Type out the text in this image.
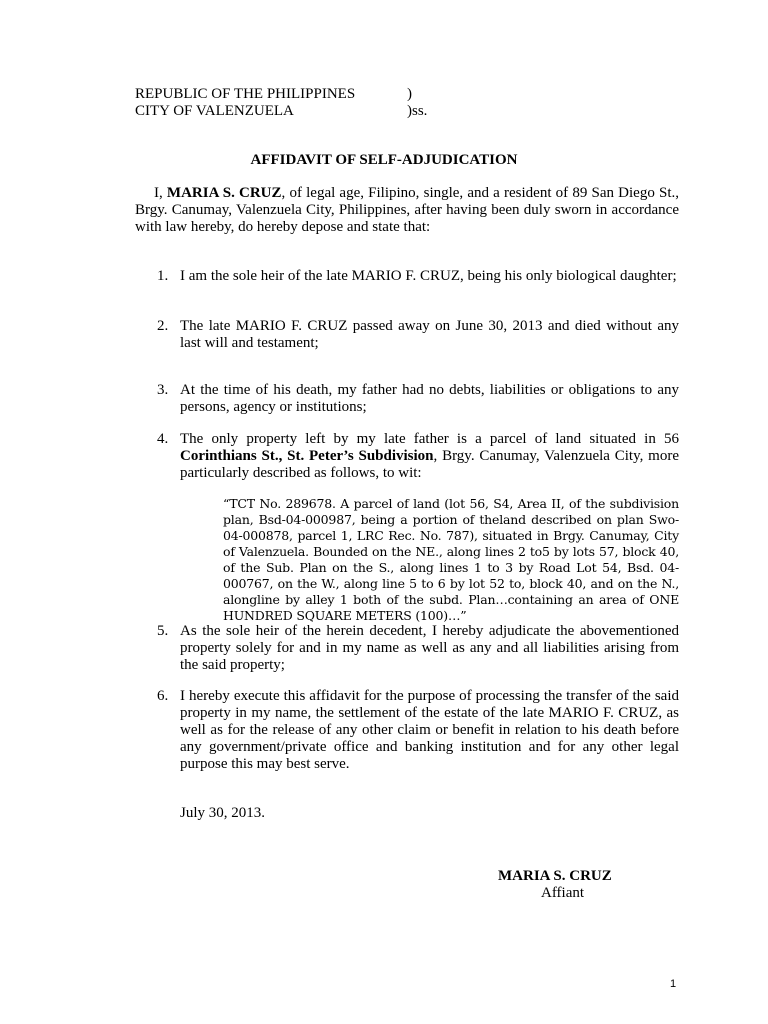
REPUBLIC OF THE PHILIPPINES
CITY OF VALENZUELA
)
)ss.
AFFIDAVIT OF SELF-ADJUDICATION
I, MARIA S. CRUZ, of legal age, Filipino, single, and a resident of 89 San Diego St., Brgy. Canumay, Valenzuela City, Philippines, after having been duly sworn in accordance with law hereby, do hereby depose and state that:
1. I am the sole heir of the late MARIO F. CRUZ, being his only biological daughter;
2. The late MARIO F. CRUZ passed away on June 30, 2013 and died without any last will and testament;
3. At the time of his death, my father had no debts, liabilities or obligations to any persons, agency or institutions;
4. The only property left by my late father is a parcel of land situated in 56 Corinthians St., St. Peter’s Subdivision, Brgy. Canumay, Valenzuela City, more particularly described as follows, to wit:
“TCT No. 289678. A parcel of land (lot 56, S4, Area II, of the subdivision plan, Bsd-04-000987, being a portion of theland described on plan Swo-04-000878, parcel 1, LRC Rec. No. 787), situated in Brgy. Canumay, City of Valenzuela. Bounded on the NE., along lines 2 to5 by lots 57, block 40, of the Sub. Plan on the S., along lines 1 to 3 by Road Lot 54, Bsd. 04-000767, on the W., along line 5 to 6 by lot 52 to, block 40, and on the N., alongline by alley 1 both of the subd. Plan…containing an area of ONE HUNDRED SQUARE METERS (100)…”
5. As the sole heir of the herein decedent, I hereby adjudicate the abovementioned property solely for and in my name as well as any and all liabilities arising from the said property;
6. I hereby execute this affidavit for the purpose of processing the transfer of the said property in my name, the settlement of the estate of the late MARIO F. CRUZ, as well as for the release of any other claim or benefit in relation to his death before any government/private office and banking institution and for any other legal purpose this may best serve.
July 30, 2013.
MARIA S. CRUZ
Affiant
1
